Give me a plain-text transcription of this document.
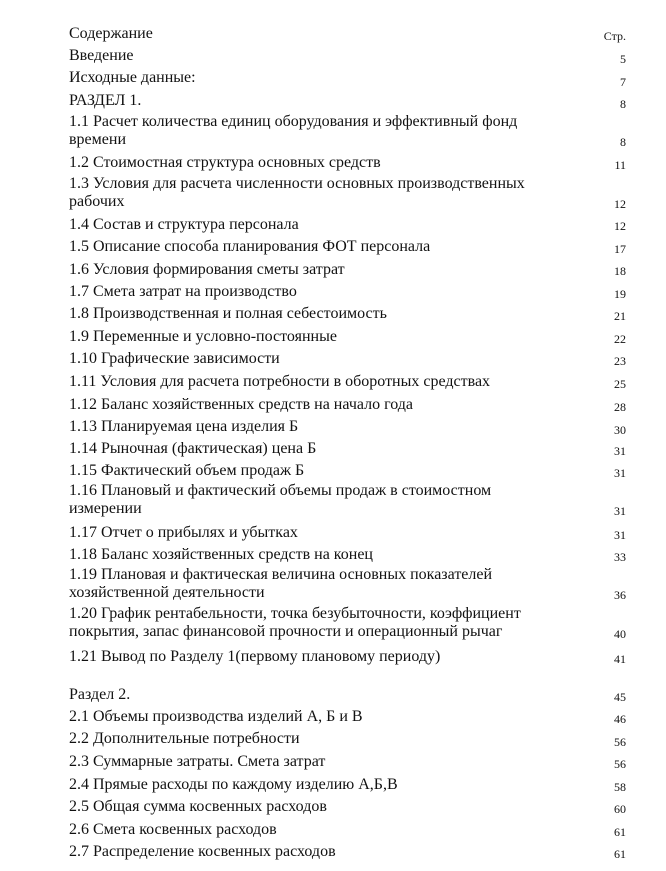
Содержание	Стр.
Введение	5
Исходные данные:	7
РАЗДЕЛ 1.	8
1.1 Расчет количества единиц оборудования и эффективный фонд времени	8
1.2 Стоимостная структура основных средств	11
1.3 Условия для расчета численности основных производственных рабочих	12
1.4 Состав и структура персонала	12
1.5 Описание способа планирования ФОТ персонала	17
1.6 Условия формирования сметы затрат	18
1.7 Смета затрат на производство	19
1.8 Производственная и полная себестоимость	21
1.9 Переменные и условно-постоянные	22
1.10 Графические зависимости	23
1.11 Условия для расчета потребности в оборотных средствах	25
1.12 Баланс хозяйственных средств на начало года	28
1.13 Планируемая цена изделия Б	30
1.14 Рыночная (фактическая) цена Б	31
1.15 Фактический объем продаж Б	31
1.16 Плановый и фактический объемы продаж в стоимостном измерении	31
1.17 Отчет о прибылях и убытках	31
1.18 Баланс хозяйственных средств на конец	33
1.19 Плановая и фактическая величина основных показателей хозяйственной деятельности	36
1.20 График рентабельности, точка безубыточности, коэффициент покрытия, запас финансовой прочности и операционный рычаг	40
1.21 Вывод по Разделу 1(первому плановому периоду)	41
Раздел 2.	45
2.1 Объемы производства изделий А, Б и В	46
2.2 Дополнительные потребности	56
2.3 Суммарные затраты. Смета затрат	56
2.4 Прямые расходы по каждому изделию А,Б,В	58
2.5 Общая сумма косвенных расходов	60
2.6 Смета косвенных расходов	61
2.7 Распределение косвенных расходов	61
